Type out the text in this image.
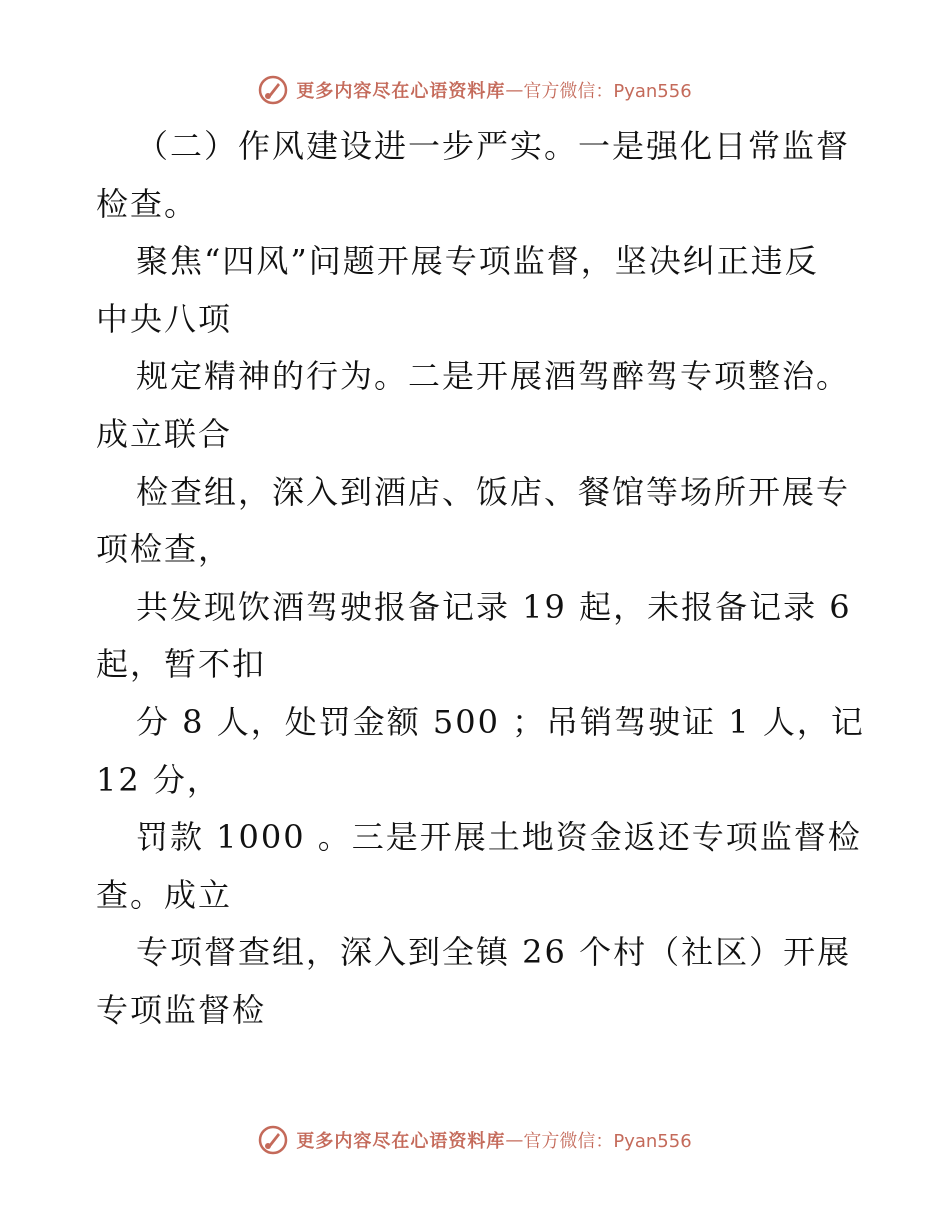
更多内容尽在心语资料库 — 官方微信：Pyan556
（二）作风建设进一步严实。一是强化日常监督
检查。
聚焦“四风”问题开展专项监督，坚决纠正违反
中央八项
规定精神的行为。二是开展酒驾醉驾专项整治。
成立联合
检查组，深入到酒店、饭店、餐馆等场所开展专
项检查，
共发现饮酒驾驶报备记录 19 起，未报备记录 6
起，暂不扣
分 8 人，处罚金额 500 ；吊销驾驶证 1 人，记
12 分，
罚款 1000 。三是开展土地资金返还专项监督检
查。成立
专项督查组，深入到全镇 26 个村（社区）开展
专项监督检
更多内容尽在心语资料库 — 官方微信：Pyan556
